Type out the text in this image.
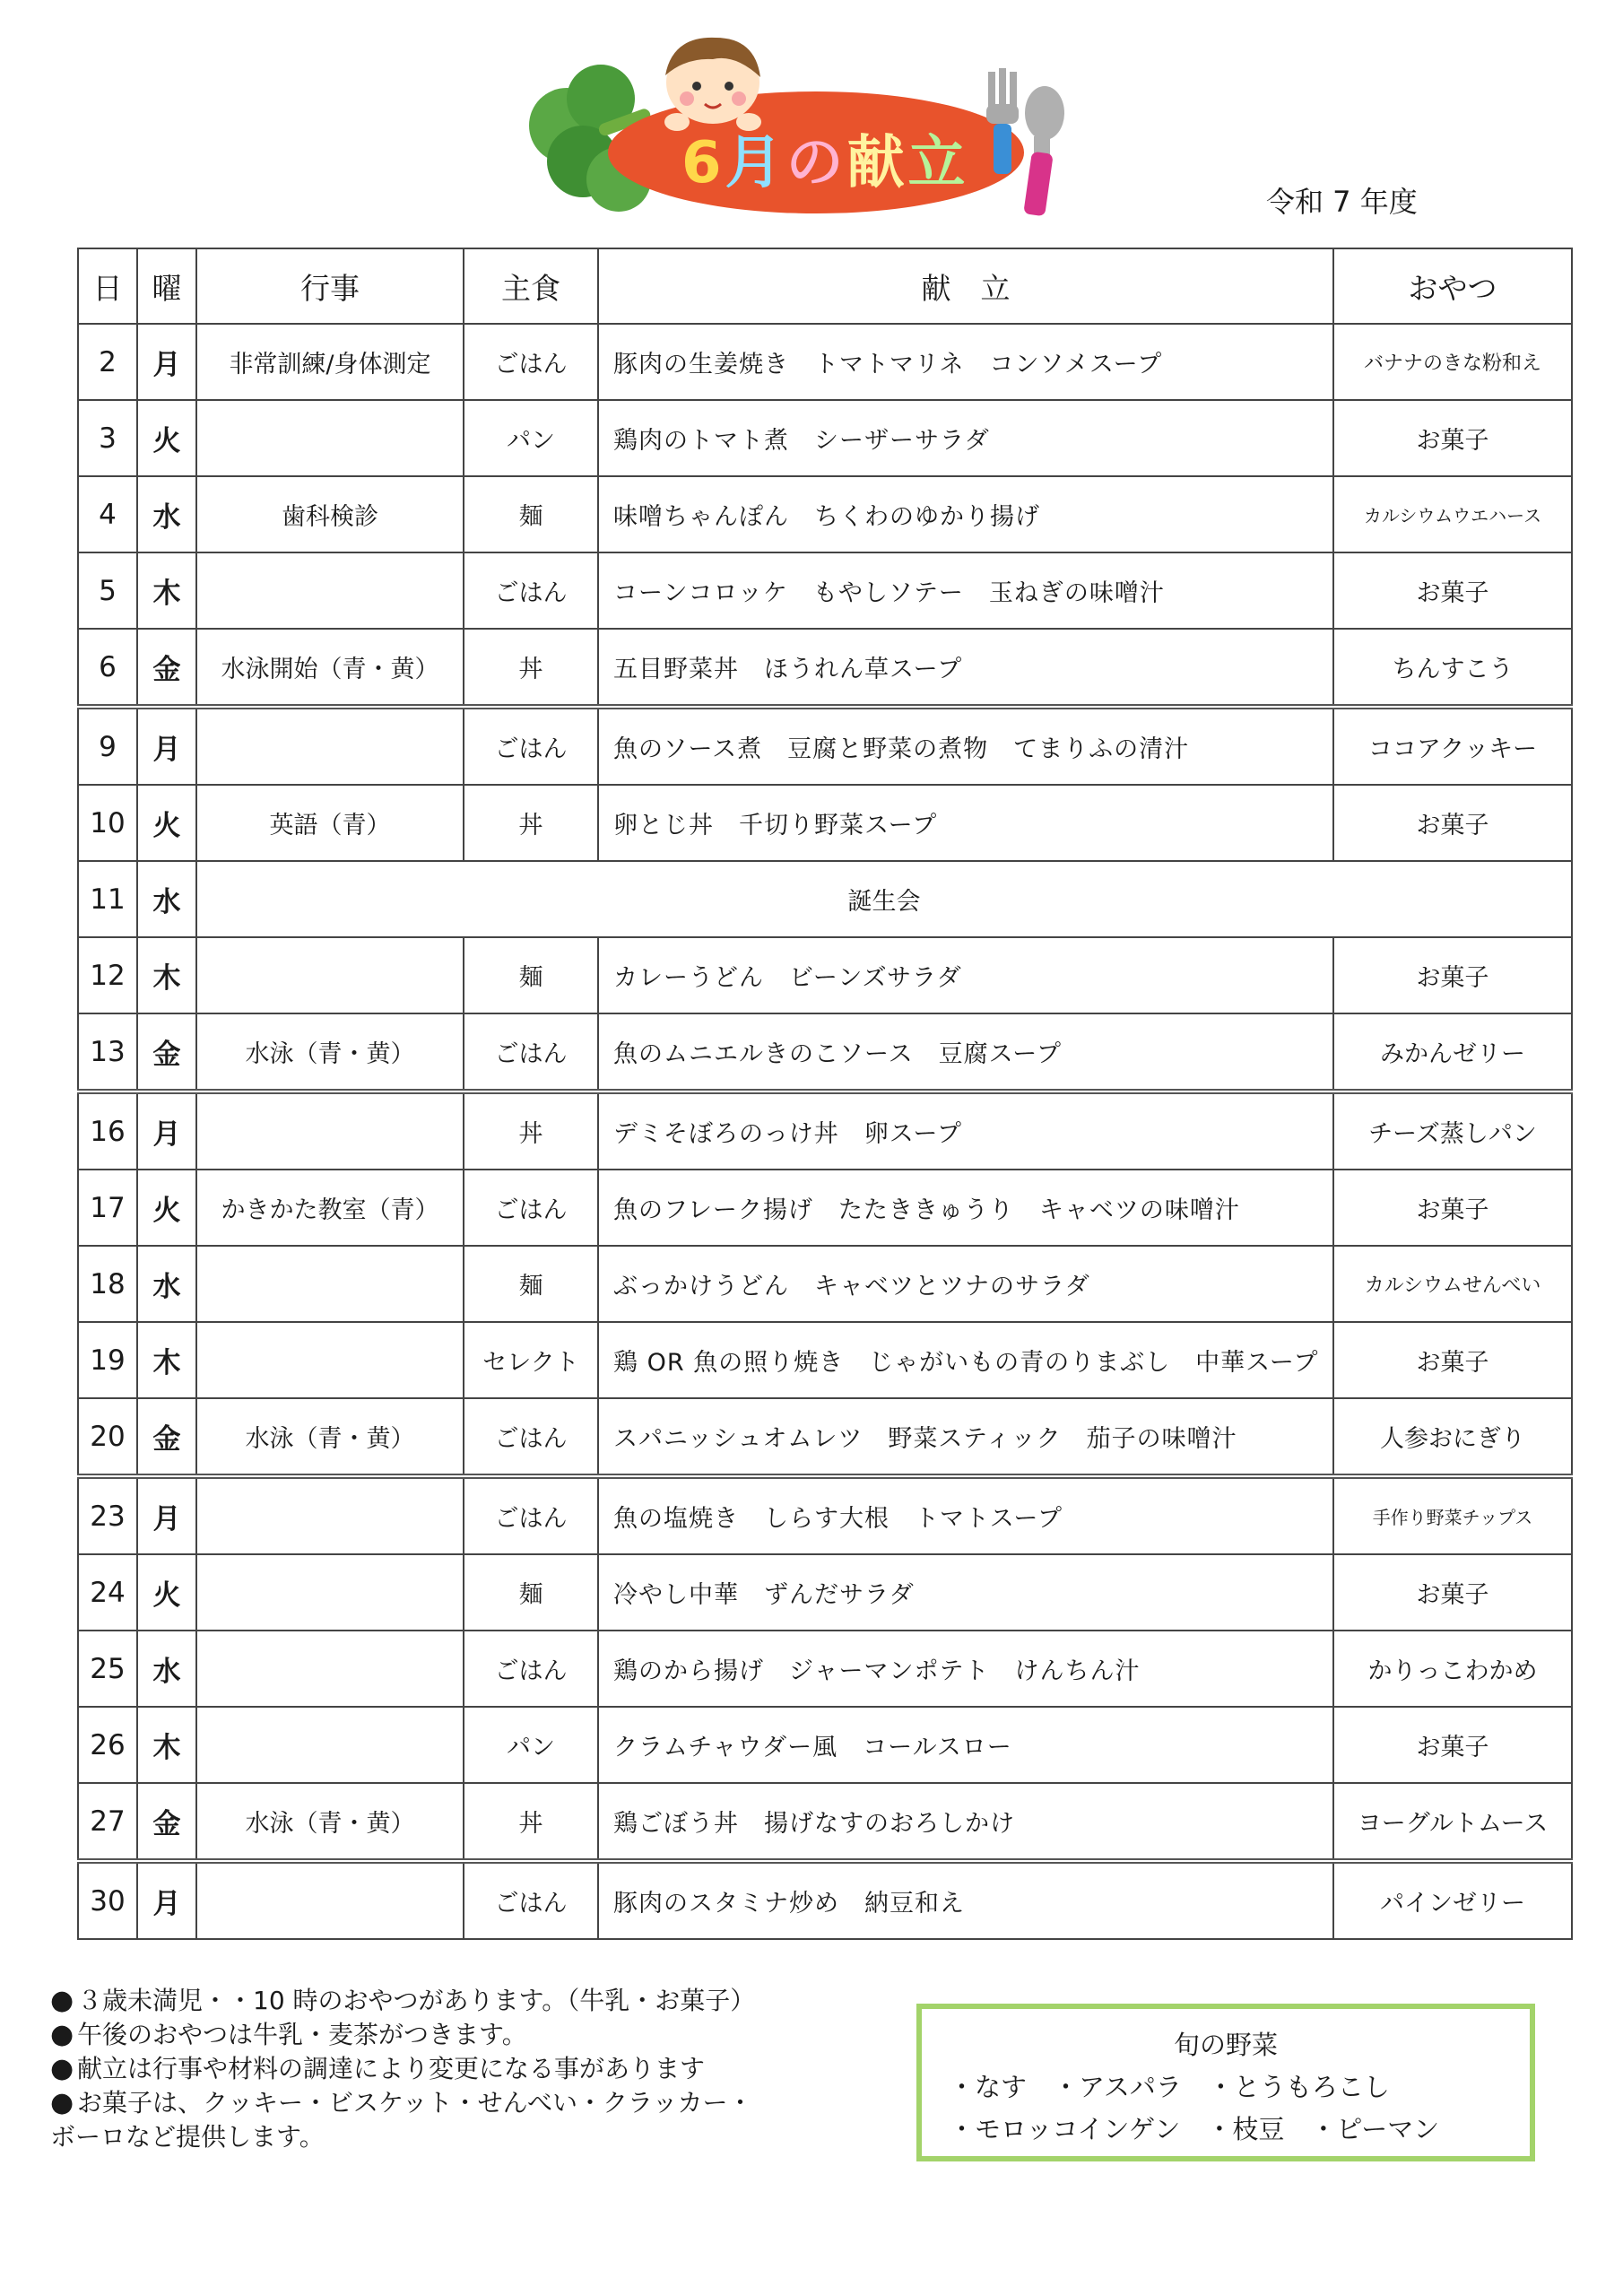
6月の献立
令和 7 年度
日	曜	行事	主食	献　立	おやつ
2	月	非常訓練/身体測定	ごはん	豚肉の生姜焼き　トマトマリネ　コンソメスープ	バナナのきな粉和え
3	火		パン	鶏肉のトマト煮　シーザーサラダ	お菓子
4	水	歯科検診	麺	味噌ちゃんぽん　ちくわのゆかり揚げ	カルシウムウエハース
5	木		ごはん	コーンコロッケ　もやしソテー　玉ねぎの味噌汁	お菓子
6	金	水泳開始（青・黄）	丼	五目野菜丼　ほうれん草スープ	ちんすこう
9	月		ごはん	魚のソース煮　豆腐と野菜の煮物　てまりふの清汁	ココアクッキー
10	火	英語（青）	丼	卵とじ丼　千切り野菜スープ	お菓子
11	水	誕生会			
12	木		麺	カレーうどん　ビーンズサラダ	お菓子
13	金	水泳（青・黄）	ごはん	魚のムニエルきのこソース　豆腐スープ	みかんゼリー
16	月		丼	デミそぼろのっけ丼　卵スープ	チーズ蒸しパン
17	火	かきかた教室（青）	ごはん	魚のフレーク揚げ　たたききゅうり　キャベツの味噌汁	お菓子
18	水		麺	ぶっかけうどん　キャベツとツナのサラダ	カルシウムせんべい
19	木		セレクト	鶏 OR 魚の照り焼き　じゃがいもの青のりまぶし　中華スープ	お菓子
20	金	水泳（青・黄）	ごはん	スパニッシュオムレツ　野菜スティック　茄子の味噌汁	人参おにぎり
23	月		ごはん	魚の塩焼き　しらす大根　トマトスープ	手作り野菜チップス
24	火		麺	冷やし中華　ずんだサラダ	お菓子
25	水		ごはん	鶏のから揚げ　ジャーマンポテト　けんちん汁	かりっこわかめ
26	木		パン	クラムチャウダー風　コールスロー	お菓子
27	金	水泳（青・黄）	丼	鶏ごぼう丼　揚げなすのおろしかけ	ヨーグルトムース
30	月		ごはん	豚肉のスタミナ炒め　納豆和え	パインゼリー
● ３歳未満児・・10 時のおやつがあります。（牛乳・お菓子）
● 午後のおやつは牛乳・麦茶がつきます。
● 献立は行事や材料の調達により変更になる事があります
● お菓子は、クッキー・ビスケット・せんべい・クラッカー・
ボーロなど提供します。
旬の野菜
・なす　・アスパラ　・とうもろこし
・モロッコインゲン　・枝豆　・ピーマン
